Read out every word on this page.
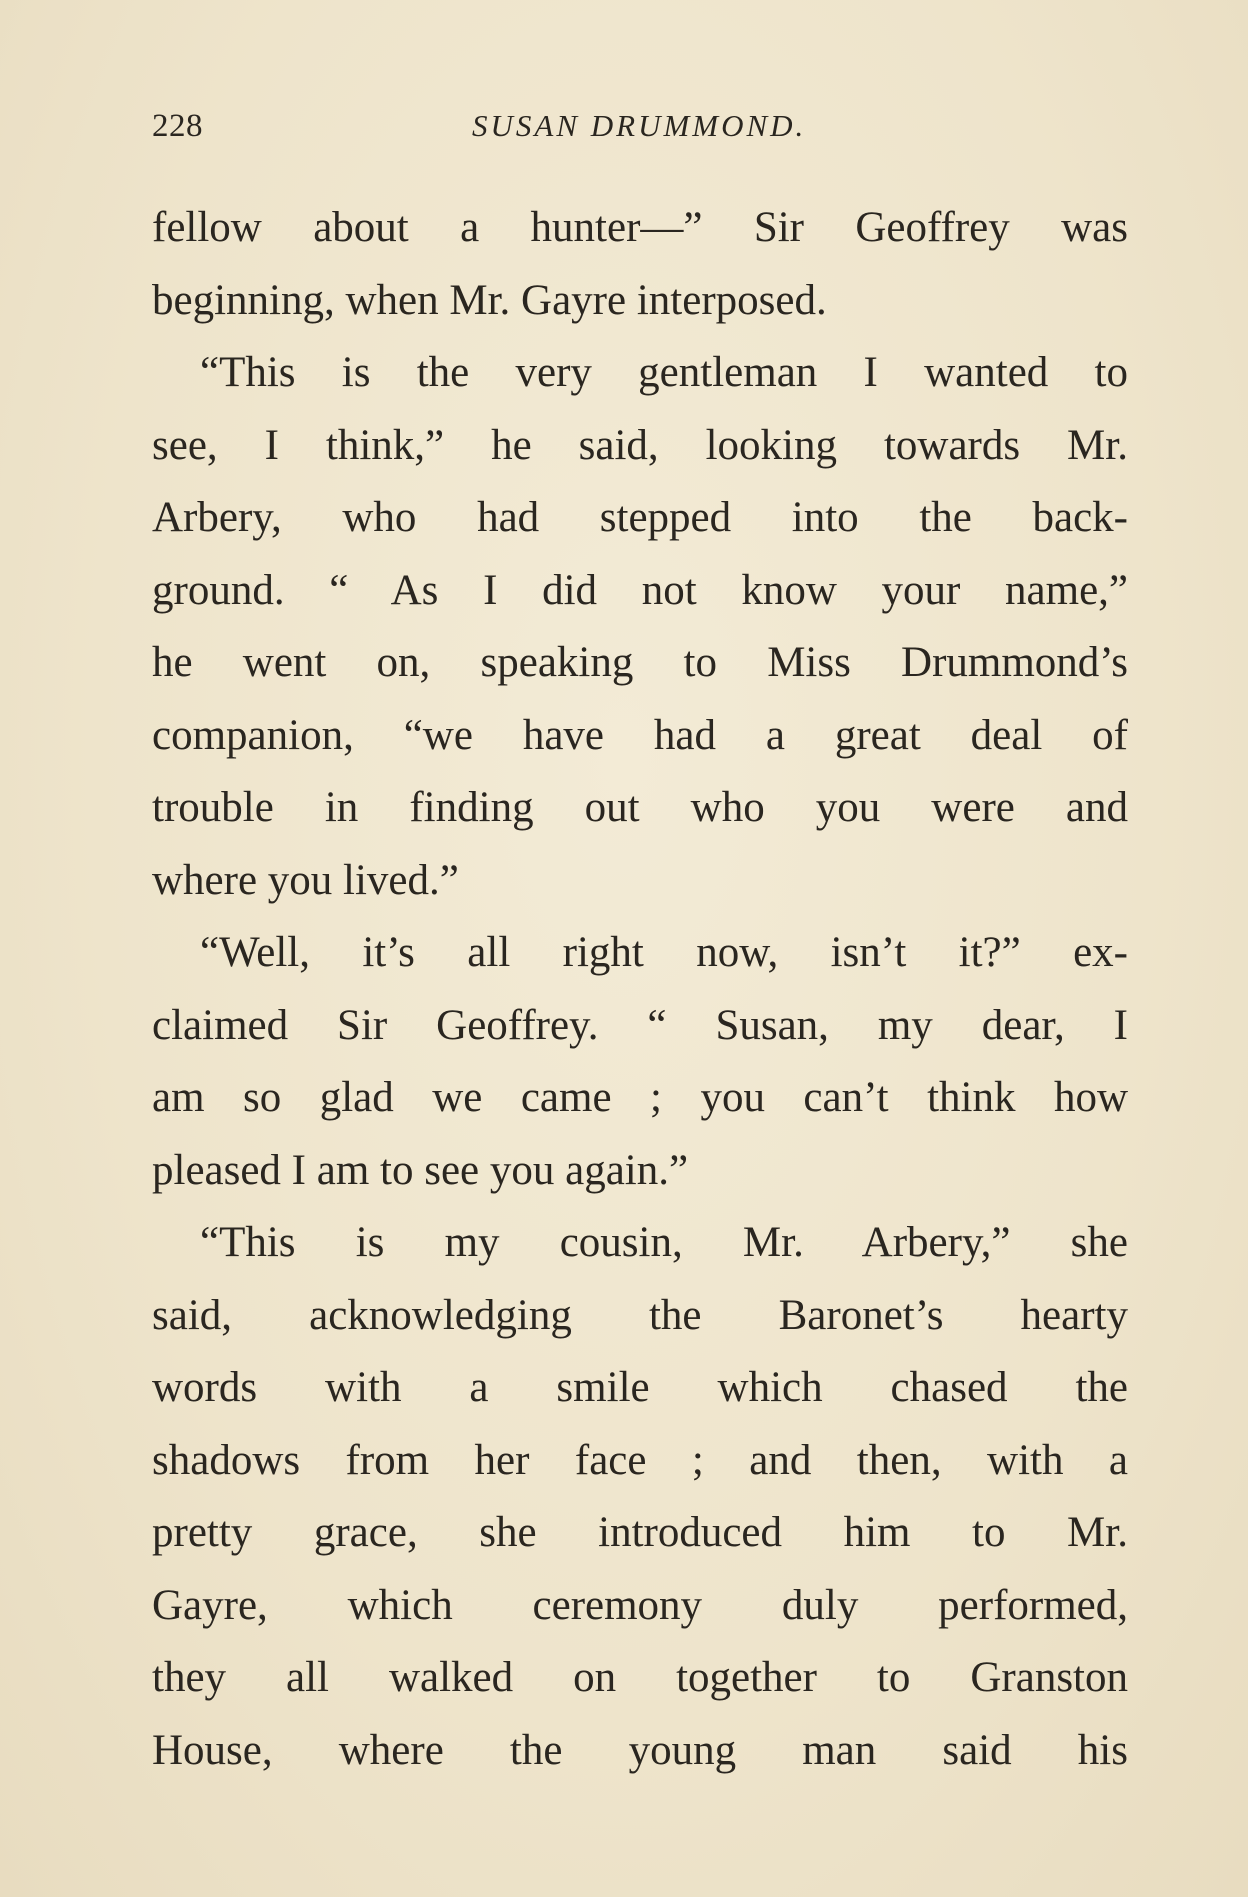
228	SUSAN DRUMMOND.
fellow about a hunter—” Sir Geoffrey was
beginning, when Mr. Gayre interposed.
“This is the very gentleman I wanted to
see, I think,” he said, looking towards Mr.
Arbery, who had stepped into the back-
ground. “ As I did not know your name,”
he went on, speaking to Miss Drummond’s
companion, “we have had a great deal of
trouble in finding out who you were and
where you lived.”
“Well, it’s all right now, isn’t it?” ex-
claimed Sir Geoffrey. “ Susan, my dear, I
am so glad we came ; you can’t think how
pleased I am to see you again.”
“This is my cousin, Mr. Arbery,” she
said, acknowledging the Baronet’s hearty
words with a smile which chased the
shadows from her face ; and then, with a
pretty grace, she introduced him to Mr.
Gayre, which ceremony duly performed,
they all walked on together to Granston
House, where the young man said his
